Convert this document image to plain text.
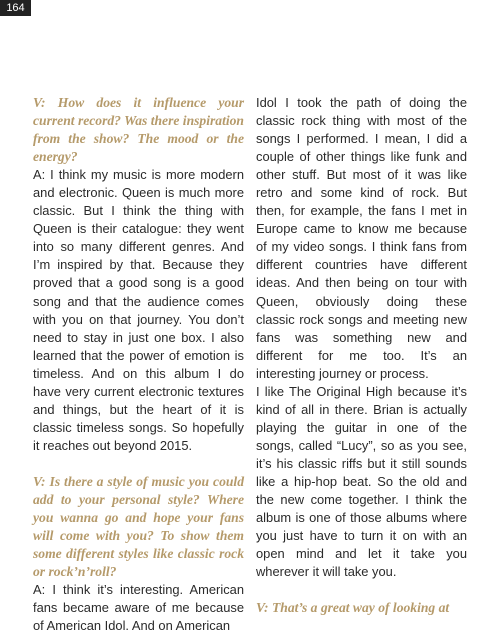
164

V: How does it influence your current record? Was there inspiration from the show? The mood or the energy?

A: I think my music is more modern and electronic. Queen is much more classic. But I think the thing with Queen is their catalogue: they went into so many different genres. And I’m inspired by that. Because they proved that a good song is a good song and that the audience comes with you on that journey. You don’t need to stay in just one box. I also learned that the power of emotion is timeless. And on this album I do have very current electronic textures and things, but the heart of it is classic timeless songs. So hopefully it reaches out beyond 2015.

V: Is there a style of music you could add to your personal style? Where you wanna go and hope your fans will come with you? To show them some different styles like classic rock or rock’n’roll?

A: I think it’s interesting. American fans became aware of me because of American Idol. And on American

Idol I took the path of doing the classic rock thing with most of the songs I performed. I mean, I did a couple of other things like funk and other stuff. But most of it was like retro and some kind of rock. But then, for example, the fans I met in Europe came to know me because of my video songs. I think fans from different countries have different ideas. And then being on tour with Queen, obviously doing these classic rock songs and meeting new fans was something new and different for me too. It’s an interesting journey or process.

I like The Original High because it’s kind of all in there. Brian is actually playing the guitar in one of the songs, called “Lucy”, so as you see, it’s his classic riffs but it still sounds like a hip-hop beat. So the old and the new come together. I think the album is one of those albums where you just have to turn it on with an open mind and let it take you wherever it will take you.

V: That’s a great way of looking at
